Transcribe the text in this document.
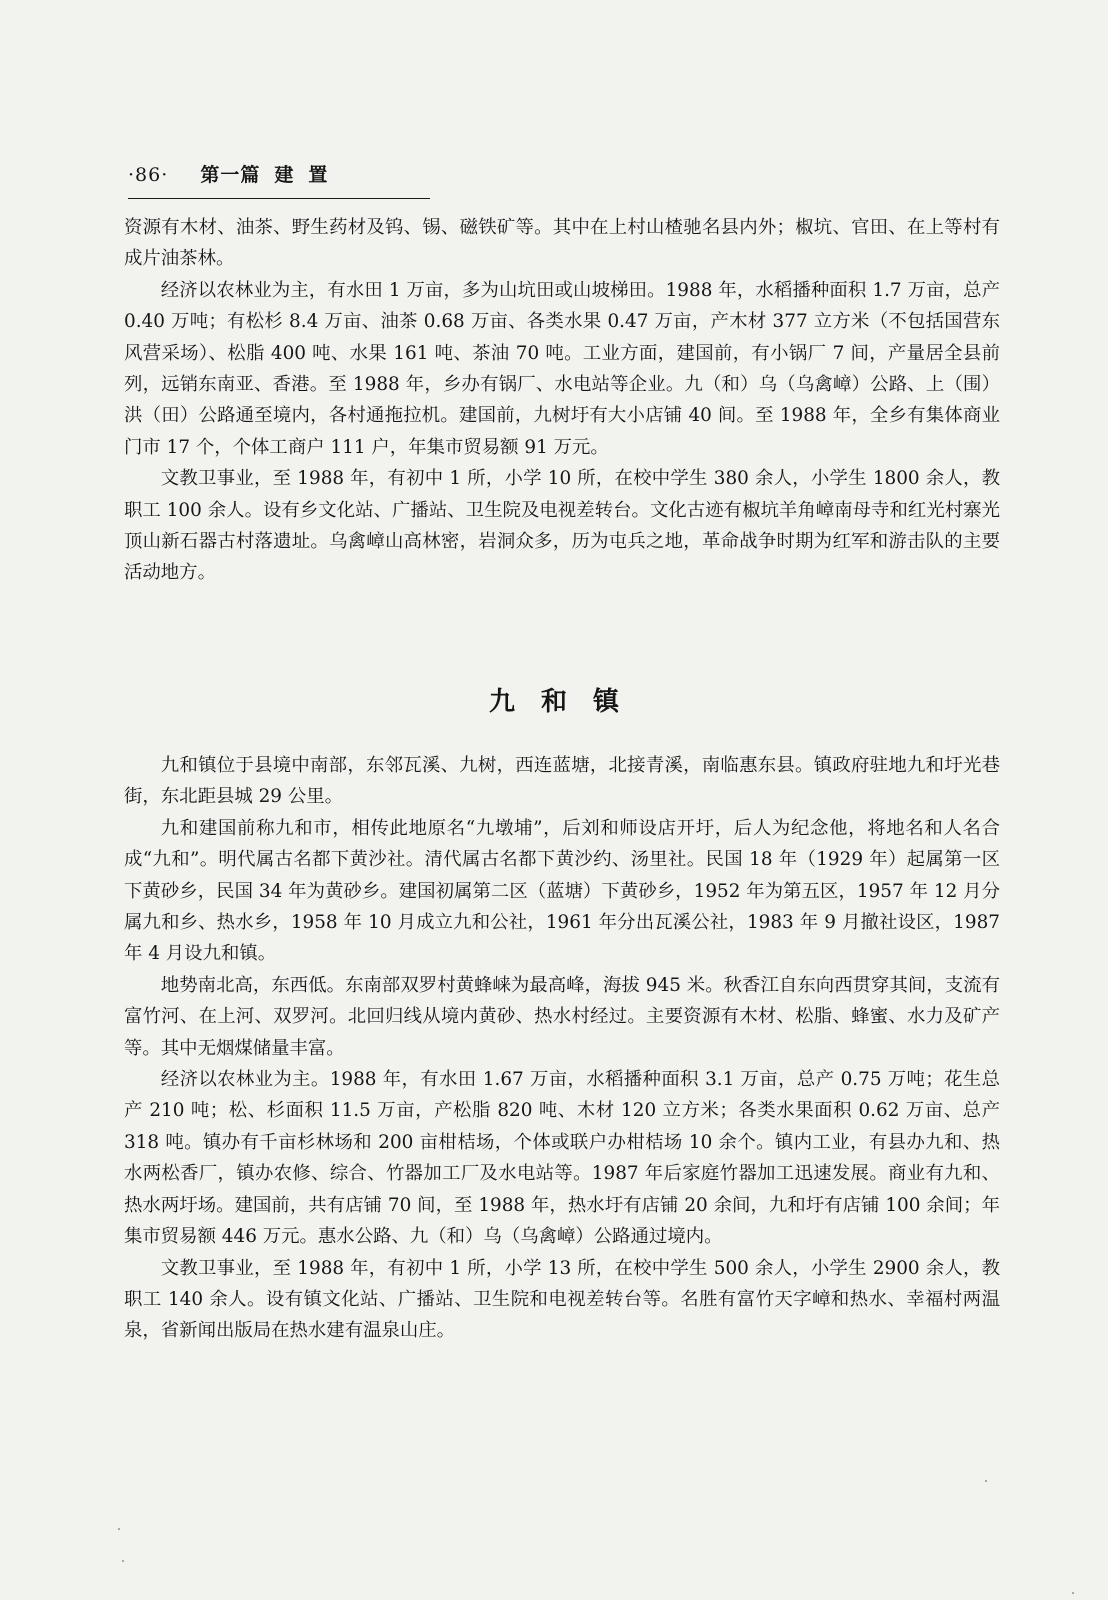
·86· 第一篇 建 置

资源有木材、油茶、野生药材及钨、锡、磁铁矿等。其中在上村山楂驰名县内外；椒坑、官田、在上等村有成片油茶林。

经济以农林业为主，有水田 1 万亩，多为山坑田或山坡梯田。1988 年，水稻播种面积 1.7 万亩，总产 0.40 万吨；有松杉 8.4 万亩、油茶 0.68 万亩、各类水果 0.47 万亩，产木材 377 立方米（不包括国营东风营采场）、松脂 400 吨、水果 161 吨、茶油 70 吨。工业方面，建国前，有小锅厂 7 间，产量居全县前列，远销东南亚、香港。至 1988 年，乡办有锅厂、水电站等企业。九（和）乌（乌禽嶂）公路、上（围）洪（田）公路通至境内，各村通拖拉机。建国前，九树圩有大小店铺 40 间。至 1988 年，全乡有集体商业门市 17 个，个体工商户 111 户，年集市贸易额 91 万元。

文教卫事业，至 1988 年，有初中 1 所，小学 10 所，在校中学生 380 余人，小学生 1800 余人，教职工 100 余人。设有乡文化站、广播站、卫生院及电视差转台。文化古迹有椒坑羊角嶂南母寺和红光村寨光顶山新石器古村落遗址。乌禽嶂山高林密，岩洞众多，历为屯兵之地，革命战争时期为红军和游击队的主要活动地方。

九和镇

九和镇位于县境中南部，东邻瓦溪、九树，西连蓝塘，北接青溪，南临惠东县。镇政府驻地九和圩光巷街，东北距县城 29 公里。

九和建国前称九和市，相传此地原名“九墩埔”，后刘和师设店开圩，后人为纪念他，将地名和人名合成“九和”。明代属古名都下黄沙社。清代属古名都下黄沙约、汤里社。民国 18 年（1929 年）起属第一区下黄砂乡，民国 34 年为黄砂乡。建国初属第二区（蓝塘）下黄砂乡，1952 年为第五区，1957 年 12 月分属九和乡、热水乡，1958 年 10 月成立九和公社，1961 年分出瓦溪公社，1983 年 9 月撤社设区，1987 年 4 月设九和镇。

地势南北高，东西低。东南部双罗村黄蜂崃为最高峰，海拔 945 米。秋香江自东向西贯穿其间，支流有富竹河、在上河、双罗河。北回归线从境内黄砂、热水村经过。主要资源有木材、松脂、蜂蜜、水力及矿产等。其中无烟煤储量丰富。

经济以农林业为主。1988 年，有水田 1.67 万亩，水稻播种面积 3.1 万亩，总产 0.75 万吨；花生总产 210 吨；松、杉面积 11.5 万亩，产松脂 820 吨、木材 120 立方米；各类水果面积 0.62 万亩、总产 318 吨。镇办有千亩杉林场和 200 亩柑桔场，个体或联户办柑桔场 10 余个。镇内工业，有县办九和、热水两松香厂，镇办农修、综合、竹器加工厂及水电站等。1987 年后家庭竹器加工迅速发展。商业有九和、热水两圩场。建国前，共有店铺 70 间，至 1988 年，热水圩有店铺 20 余间，九和圩有店铺 100 余间；年集市贸易额 446 万元。惠水公路、九（和）乌（乌禽嶂）公路通过境内。

文教卫事业，至 1988 年，有初中 1 所，小学 13 所，在校中学生 500 余人，小学生 2900 余人，教职工 140 余人。设有镇文化站、广播站、卫生院和电视差转台等。名胜有富竹天字嶂和热水、幸福村两温泉，省新闻出版局在热水建有温泉山庄。
